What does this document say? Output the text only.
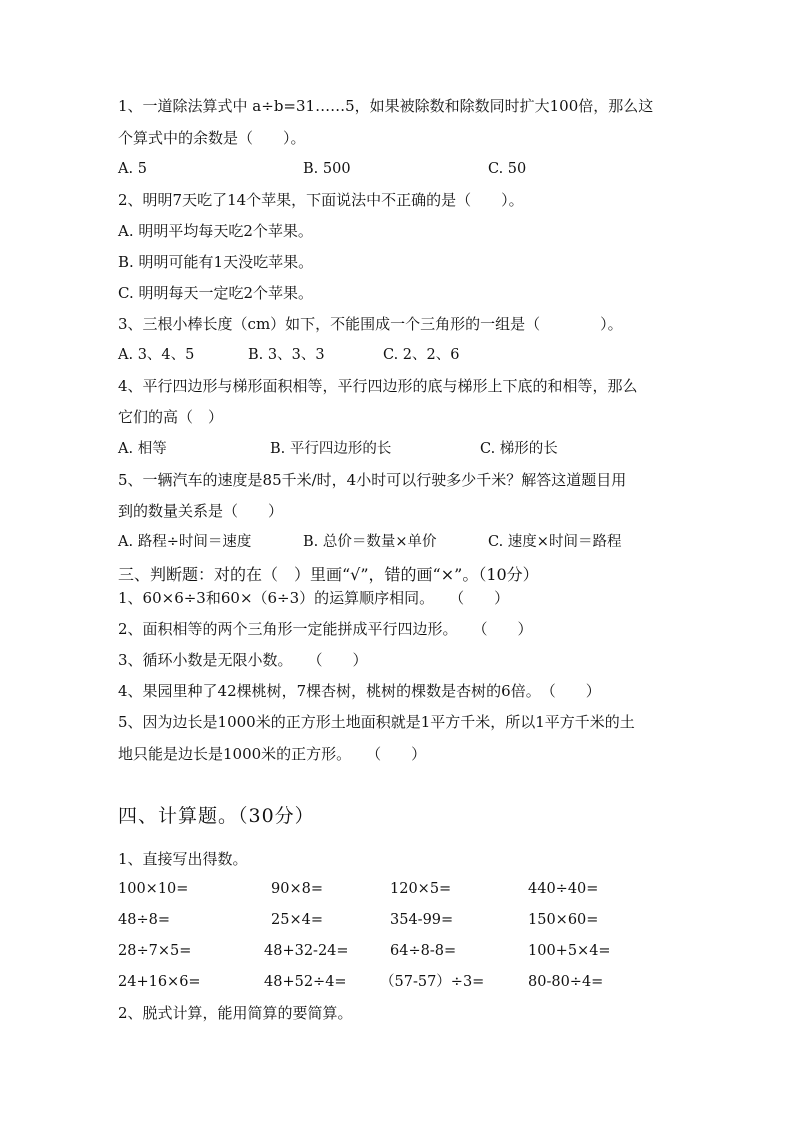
1、一道除法算式中 a÷b=31……5，如果被除数和除数同时扩大100倍，那么这
个算式中的余数是（　　）。
A. 5	B. 500	C. 50
2、明明7天吃了14个苹果，下面说法中不正确的是（　　）。
A. 明明平均每天吃2个苹果。
B. 明明可能有1天没吃苹果。
C. 明明每天一定吃2个苹果。
3、三根小棒长度（cm）如下，不能围成一个三角形的一组是（　　　　）。
A. 3、4、5	B. 3、3、3	C. 2、2、6
4、平行四边形与梯形面积相等，平行四边形的底与梯形上下底的和相等，那么
它们的高（　）
A. 相等	B. 平行四边形的长	C. 梯形的长
5、一辆汽车的速度是85千米/时，4小时可以行驶多少千米？解答这道题目用
到的数量关系是（　　）
A. 路程÷时间＝速度	B. 总价＝数量×单价	C. 速度×时间＝路程
三、判断题：对的在（　）里画“√”，错的画“×”。（10分）
1、60×6÷3和60×（6÷3）的运算顺序相同。　　（　　）
2、面积相等的两个三角形一定能拼成平行四边形。　　（　　）
3、循环小数是无限小数。　　（　　）
4、果园里种了42棵桃树，7棵杏树，桃树的棵数是杏树的6倍。　（　　）
5、因为边长是1000米的正方形土地面积就是1平方千米，所以1平方千米的土
地只能是边长是1000米的正方形。　　（　　）
四、计算题。（30分）
1、直接写出得数。
100×10=	90×8=	120×5=	440÷40=
48÷8=	25×4=	354-99=	150×60=
28÷7×5=	48+32-24=	64÷8-8=	100+5×4=
24+16×6=	48+52÷4= （57-57）÷3=	80-80÷4=
2、脱式计算，能用简算的要简算。
